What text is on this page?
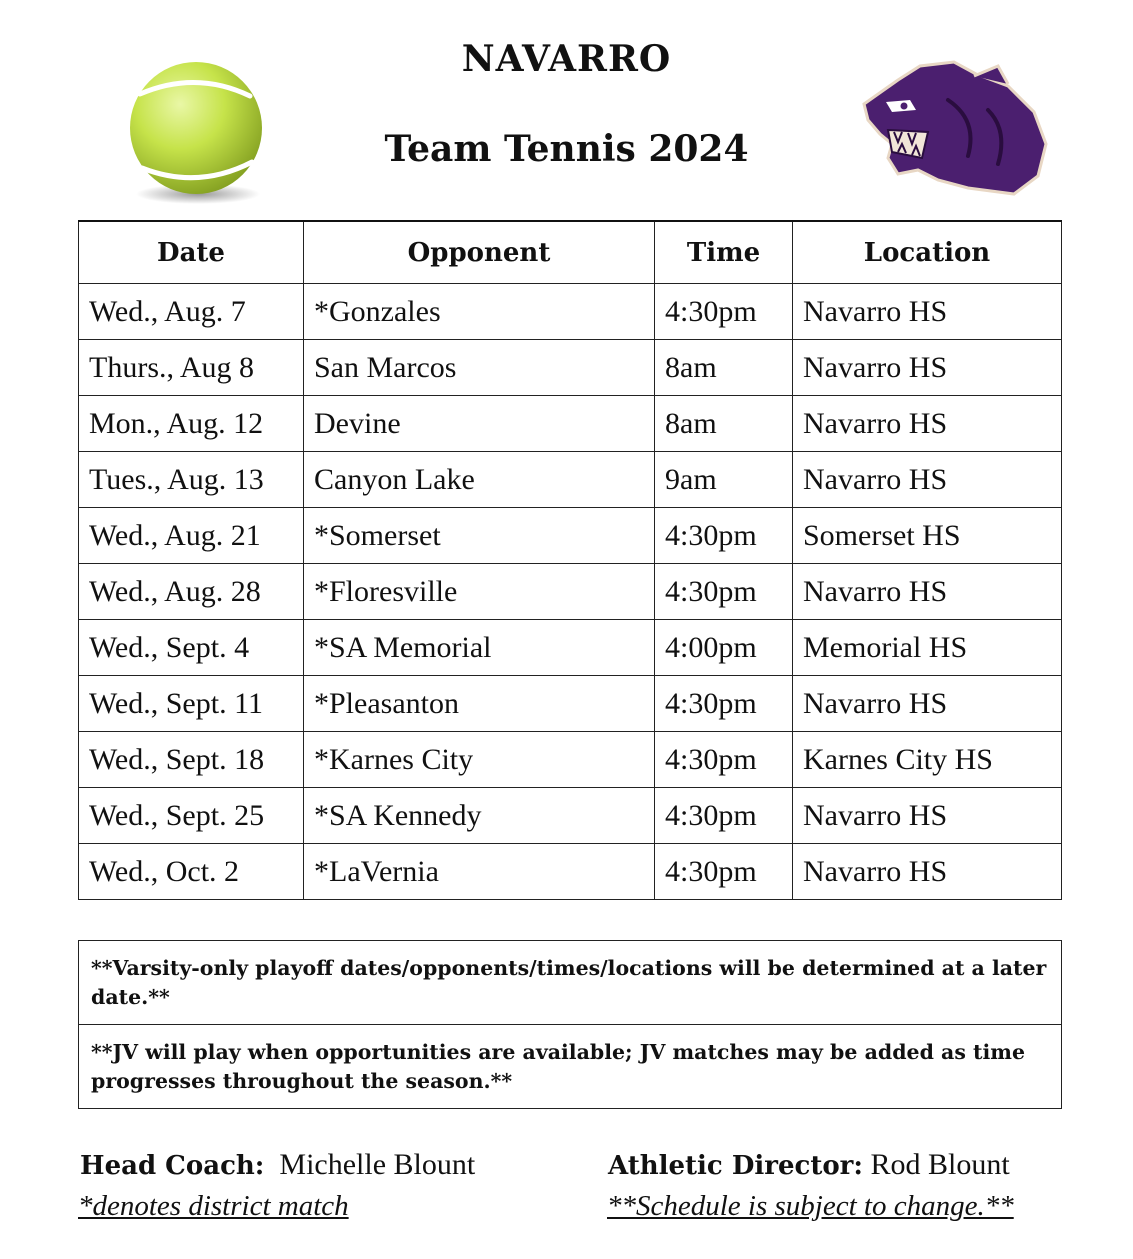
NAVARRO
Team Tennis 2024
Date	Opponent	Time	Location
Wed., Aug. 7	*Gonzales	4:30pm	Navarro HS
Thurs., Aug 8	San Marcos	8am	Navarro HS
Mon., Aug. 12	Devine	8am	Navarro HS
Tues., Aug. 13	Canyon Lake	9am	Navarro HS
Wed., Aug. 21	*Somerset	4:30pm	Somerset HS
Wed., Aug. 28	*Floresville	4:30pm	Navarro HS
Wed., Sept. 4	*SA Memorial	4:00pm	Memorial HS
Wed., Sept. 11	*Pleasanton	4:30pm	Navarro HS
Wed., Sept. 18	*Karnes City	4:30pm	Karnes City HS
Wed., Sept. 25	*SA Kennedy	4:30pm	Navarro HS
Wed., Oct. 2	*LaVernia	4:30pm	Navarro HS
**Varsity-only playoff dates/opponents/times/locations will be determined at a later date.**
**JV will play when opportunities are available; JV matches may be added as time progresses throughout the season.**
Head Coach: Michelle Blount	Athletic Director: Rod Blount
*denotes district match	**Schedule is subject to change.**
